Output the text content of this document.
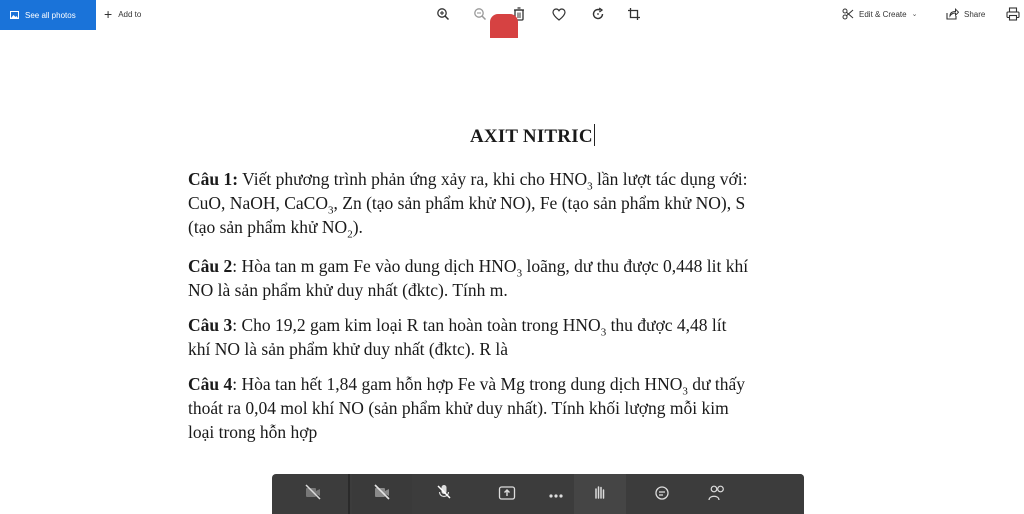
See all photos + Add to	Edit & Create ⌄	Share
AXIT NITRIC
Câu 1: Viết phương trình phản ứng xảy ra, khi cho $HNO_3$ lần lượt tác dụng với:
CuO, NaOH, CaCO$_3$, Zn (tạo sản phẩm khử NO), Fe (tạo sản phẩm khử NO), S
(tạo sản phẩm khử $NO_2$).
Câu 2: Hòa tan m gam Fe vào dung dịch $HNO_3$ loãng, dư thu được 0,448 lit khí
NO là sản phẩm khử duy nhất (đktc). Tính m.
Câu 3: Cho 19,2 gam kim loại R tan hoàn toàn trong $HNO_3$ thu được 4,48 lít
khí NO là sản phẩm khử duy nhất (đktc). R là
Câu 4: Hòa tan hết 1,84 gam hỗn hợp Fe và Mg trong dung dịch $HNO_3$ dư thấy
thoát ra 0,04 mol khí NO (sản phẩm khử duy nhất). Tính khối lượng mỗi kim
loại trong hỗn hợp
